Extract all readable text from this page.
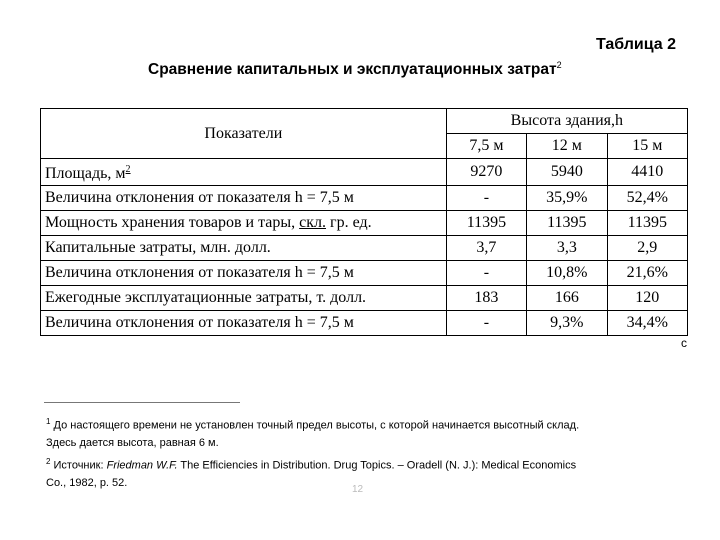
Таблица 2
Сравнение капитальных и эксплуатационных затрат$^2$
Показатели	Высота здания,h		
	7,5 м	12 м	15 м
Площадь, $м^2$	9270	5940	4410
Величина отклонения от показателя h = 7,5 м	-	35,9%	52,4%
Мощность хранения товаров и тары, скл. гр. ед.	11395	11395	11395
Капитальные затраты, млн. долл.	3,7	3,3	2,9
Величина отклонения от показателя h = 7,5 м	-	10,8%	21,6%
Ежегодные эксплуатационные затраты, т. долл.	183	166	120
Величина отклонения от показателя h = 7,5 м	-	9,3%	34,4%
c

$^1$ До настоящего времени не установлен точный предел высоты, с которой начинается высотный склад.

Здесь дается высота, равная 6 м.

$^2$ Источник: Friedman W.F. The Efficiencies in Distribution. Drug Topics. – Oradell (N. J.): Medical Economics

Co., 1982, p. 52.

12
